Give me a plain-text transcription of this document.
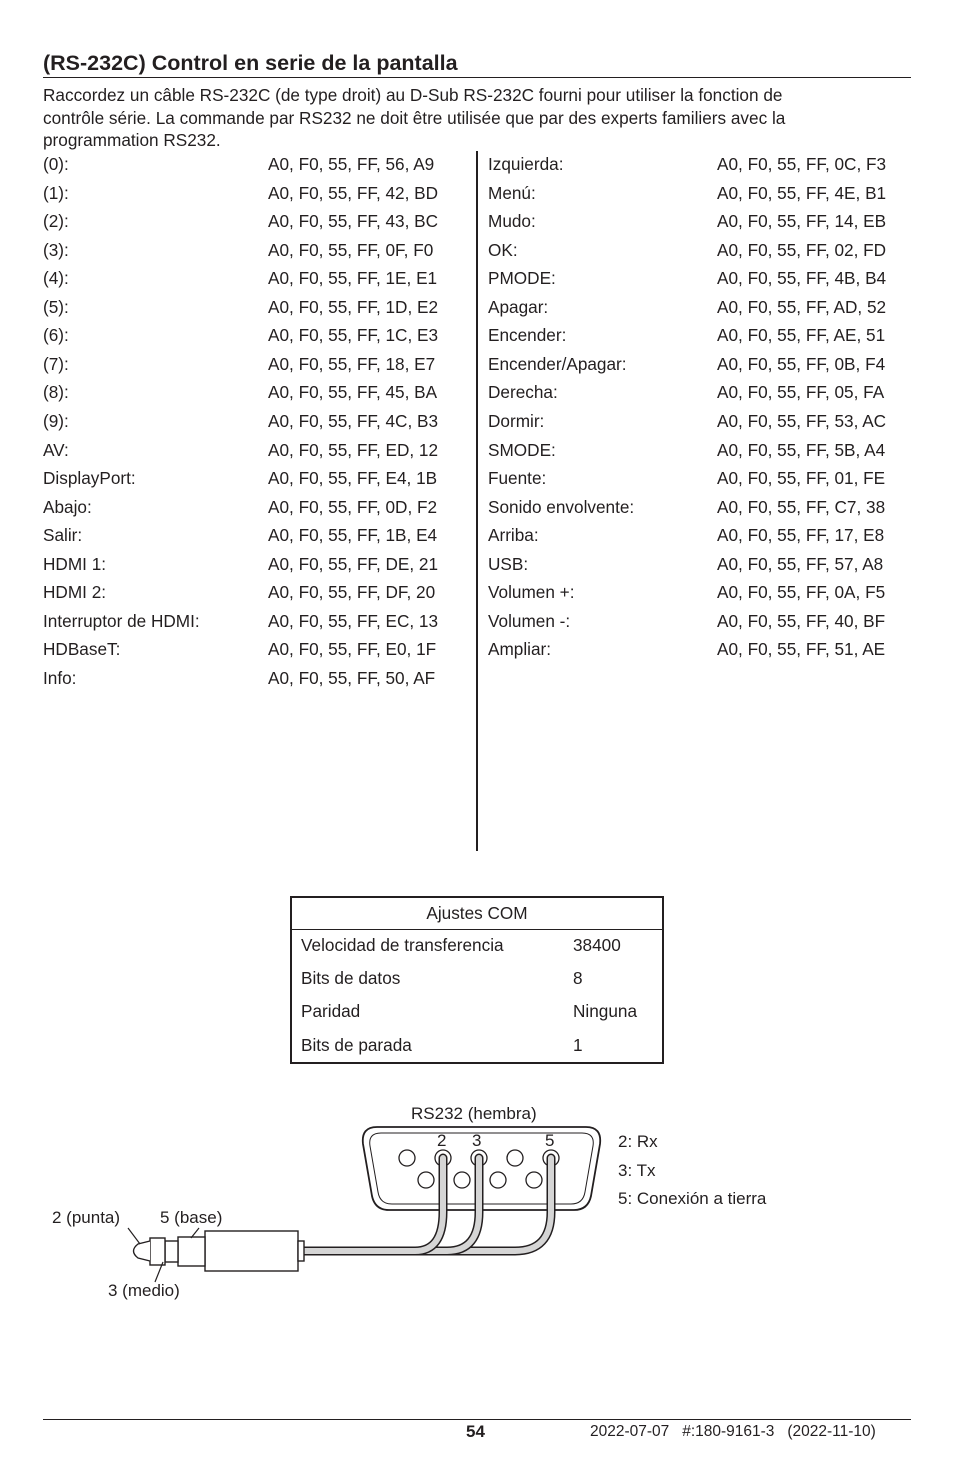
(RS-232C) Control en serie de la pantalla
Raccordez un câble RS-232C (de type droit) au D-Sub RS-232C fourni pour utiliser la fonction de
contrôle série. La commande par RS232 ne doit être utilisée que par des experts familiers avec la
programmation RS232.
(0):	A0, F0, 55, FF, 56, A9
(1):	A0, F0, 55, FF, 42, BD
(2):	A0, F0, 55, FF, 43, BC
(3):	A0, F0, 55, FF, 0F, F0
(4):	A0, F0, 55, FF, 1E, E1
(5):	A0, F0, 55, FF, 1D, E2
(6):	A0, F0, 55, FF, 1C, E3
(7):	A0, F0, 55, FF, 18, E7
(8):	A0, F0, 55, FF, 45, BA
(9):	A0, F0, 55, FF, 4C, B3
AV:	A0, F0, 55, FF, ED, 12
DisplayPort:	A0, F0, 55, FF, E4, 1B
Abajo:	A0, F0, 55, FF, 0D, F2
Salir:	A0, F0, 55, FF, 1B, E4
HDMI 1:	A0, F0, 55, FF, DE, 21
HDMI 2:	A0, F0, 55, FF, DF, 20
Interruptor de HDMI:	A0, F0, 55, FF, EC, 13
HDBaseT:	A0, F0, 55, FF, E0, 1F
Info:	A0, F0, 55, FF, 50, AF
Izquierda:	A0, F0, 55, FF, 0C, F3
Menú:	A0, F0, 55, FF, 4E, B1
Mudo:	A0, F0, 55, FF, 14, EB
OK:	A0, F0, 55, FF, 02, FD
PMODE:	A0, F0, 55, FF, 4B, B4
Apagar:	A0, F0, 55, FF, AD, 52
Encender:	A0, F0, 55, FF, AE, 51
Encender/Apagar:	A0, F0, 55, FF, 0B, F4
Derecha:	A0, F0, 55, FF, 05, FA
Dormir:	A0, F0, 55, FF, 53, AC
SMODE:	A0, F0, 55, FF, 5B, A4
Fuente:	A0, F0, 55, FF, 01, FE
Sonido envolvente:	A0, F0, 55, FF, C7, 38
Arriba:	A0, F0, 55, FF, 17, E8
USB:	A0, F0, 55, FF, 57, A8
Volumen +:	A0, F0, 55, FF, 0A, F5
Volumen -:	A0, F0, 55, FF, 40, BF
Ampliar:	A0, F0, 55, FF, 51, AE
Ajustes COM
Velocidad de transferencia	38400
Bits de datos	8
Paridad	Ninguna
Bits de parada	1
RS232 (hembra)
2 3	5
2 (punta) 5 (base)
3 (medio)
2: Rx
3: Tx
5: Conexión a tierra
54	2022-07-07   #:180-9161-3   (2022-11-10)
